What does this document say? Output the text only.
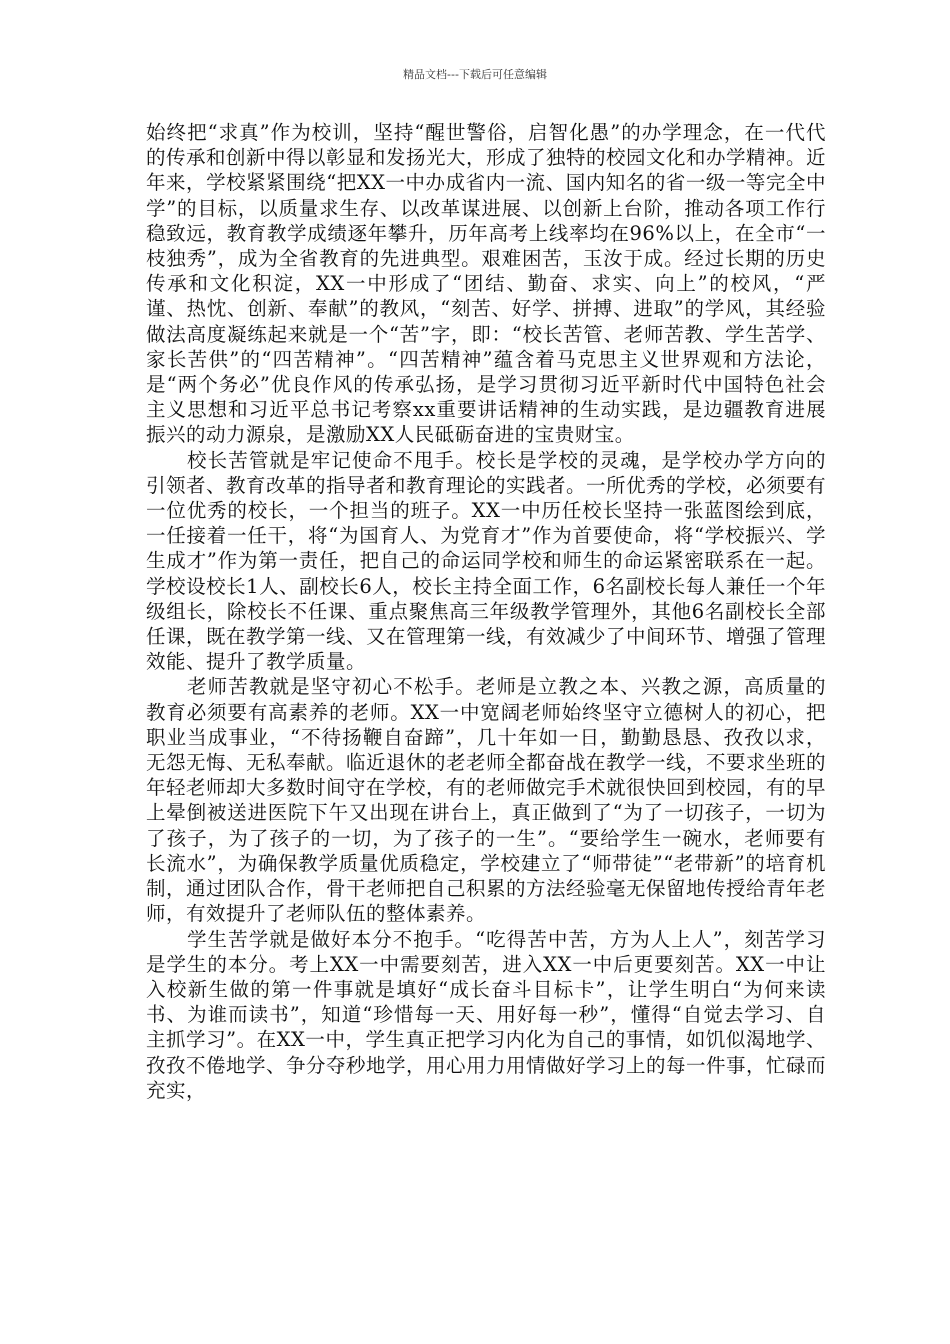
精品文档---下载后可任意编辑

始终把“求真”作为校训，坚持“醒世警俗，启智化愚”的办学理念，在一代代的传承和创新中得以彰显和发扬光大，形成了独特的校园文化和办学精神。近年来，学校紧紧围绕“把XX一中办成省内一流、国内知名的省一级一等完全中学”的目标，以质量求生存、以改革谋进展、以创新上台阶，推动各项工作行稳致远，教育教学成绩逐年攀升，历年高考上线率均在96%以上，在全市“一枝独秀”，成为全省教育的先进典型。艰难困苦，玉汝于成。经过长期的历史传承和文化积淀，XX一中形成了“团结、勤奋、求实、向上”的校风，“严谨、热忱、创新、奉献”的教风，“刻苦、好学、拼搏、进取”的学风，其经验做法高度凝练起来就是一个“苦”字，即：“校长苦管、老师苦教、学生苦学、家长苦供”的“四苦精神”。“四苦精神”蕴含着马克思主义世界观和方法论，是“两个务必”优良作风的传承弘扬，是学习贯彻习近平新时代中国特色社会主义思想和习近平总书记考察xx重要讲话精神的生动实践，是边疆教育进展振兴的动力源泉，是激励XX人民砥砺奋进的宝贵财宝。

校长苦管就是牢记使命不甩手。校长是学校的灵魂，是学校办学方向的引领者、教育改革的指导者和教育理论的实践者。一所优秀的学校，必须要有一位优秀的校长，一个担当的班子。XX一中历任校长坚持一张蓝图绘到底，一任接着一任干，将“为国育人、为党育才”作为首要使命，将“学校振兴、学生成才”作为第一责任，把自己的命运同学校和师生的命运紧密联系在一起。学校设校长1人、副校长6人，校长主持全面工作，6名副校长每人兼任一个年级组长，除校长不任课、重点聚焦高三年级教学管理外，其他6名副校长全部任课，既在教学第一线、又在管理第一线，有效减少了中间环节、增强了管理效能、提升了教学质量。

老师苦教就是坚守初心不松手。老师是立教之本、兴教之源，高质量的教育必须要有高素养的老师。XX一中宽阔老师始终坚守立德树人的初心，把职业当成事业，“不待扬鞭自奋蹄”，几十年如一日，勤勤恳恳、孜孜以求，无怨无悔、无私奉献。临近退休的老老师全都奋战在教学一线，不要求坐班的年轻老师却大多数时间守在学校，有的老师做完手术就很快回到校园，有的早上晕倒被送进医院下午又出现在讲台上，真正做到了“为了一切孩子，一切为了孩子，为了孩子的一切，为了孩子的一生”。“要给学生一碗水，老师要有长流水”，为确保教学质量优质稳定，学校建立了“师带徒”“老带新”的培育机制，通过团队合作，骨干老师把自己积累的方法经验毫无保留地传授给青年老师，有效提升了老师队伍的整体素养。

学生苦学就是做好本分不抱手。“吃得苦中苦，方为人上人”，刻苦学习是学生的本分。考上XX一中需要刻苦，进入XX一中后更要刻苦。XX一中让入校新生做的第一件事就是填好“成长奋斗目标卡”，让学生明白“为何来读书、为谁而读书”，知道“珍惜每一天、用好每一秒”，懂得“自觉去学习、自主抓学习”。在XX一中，学生真正把学习内化为自己的事情，如饥似渴地学、孜孜不倦地学、争分夺秒地学，用心用力用情做好学习上的每一件事，忙碌而充实，
